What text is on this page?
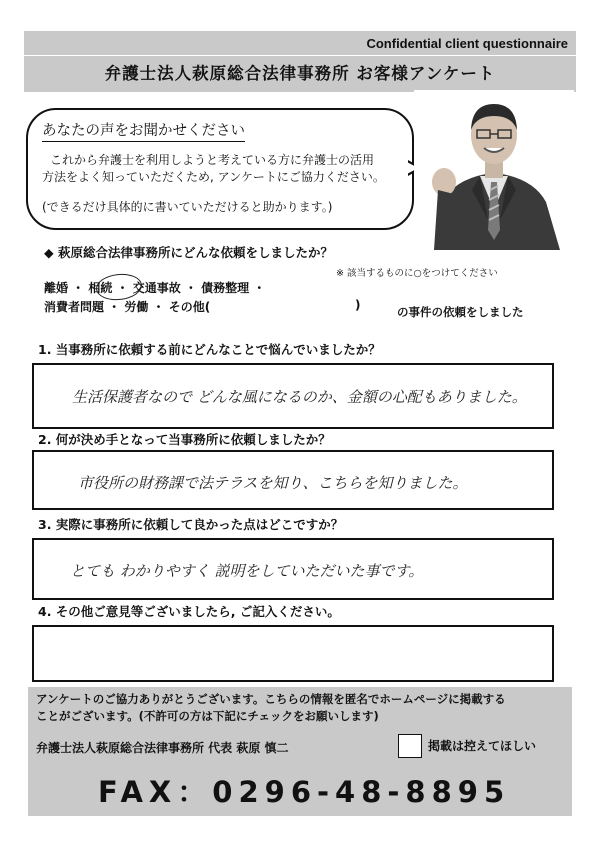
Confidential client questionnaire
弁護士法人萩原総合法律事務所 お客様アンケート
あなたの声をお聞かせください
これから弁護士を利用しようと考えている方に弁護士の活用
方法をよく知っていただくため, アンケートにご協力ください。
(できるだけ具体的に書いていただけると助かります。)
◆ 萩原総合法律事務所にどんな依頼をしましたか？
※ 該当するものに○をつけてください
離婚 ・ 相続 ・ 交通事故 ・ 債務整理 ・
消費者問題 ・ 労働 ・ その他(	)	の事件の依頼をしました
1. 当事務所に依頼する前にどんなことで悩んでいましたか？
生活保護者なので どんな風になるのか、金額の心配もありました。
2. 何が決め手となって当事務所に依頼しましたか？
市役所の財務課で法テラスを知り、こちらを知りました。
3. 実際に事務所に依頼して良かった点はどこですか？
とても わかりやすく 説明をしていただいた事です。
4. その他ご意見等ございましたら, ご記入ください。
アンケートのご協力ありがとうございます。こちらの情報を匿名でホームページに掲載する
ことがございます。(不許可の方は下記にチェックをお願いします)
弁護士法人萩原総合法律事務所 代表 萩原 慎二	掲載は控えてほしい
FAX：0296-48-8895
